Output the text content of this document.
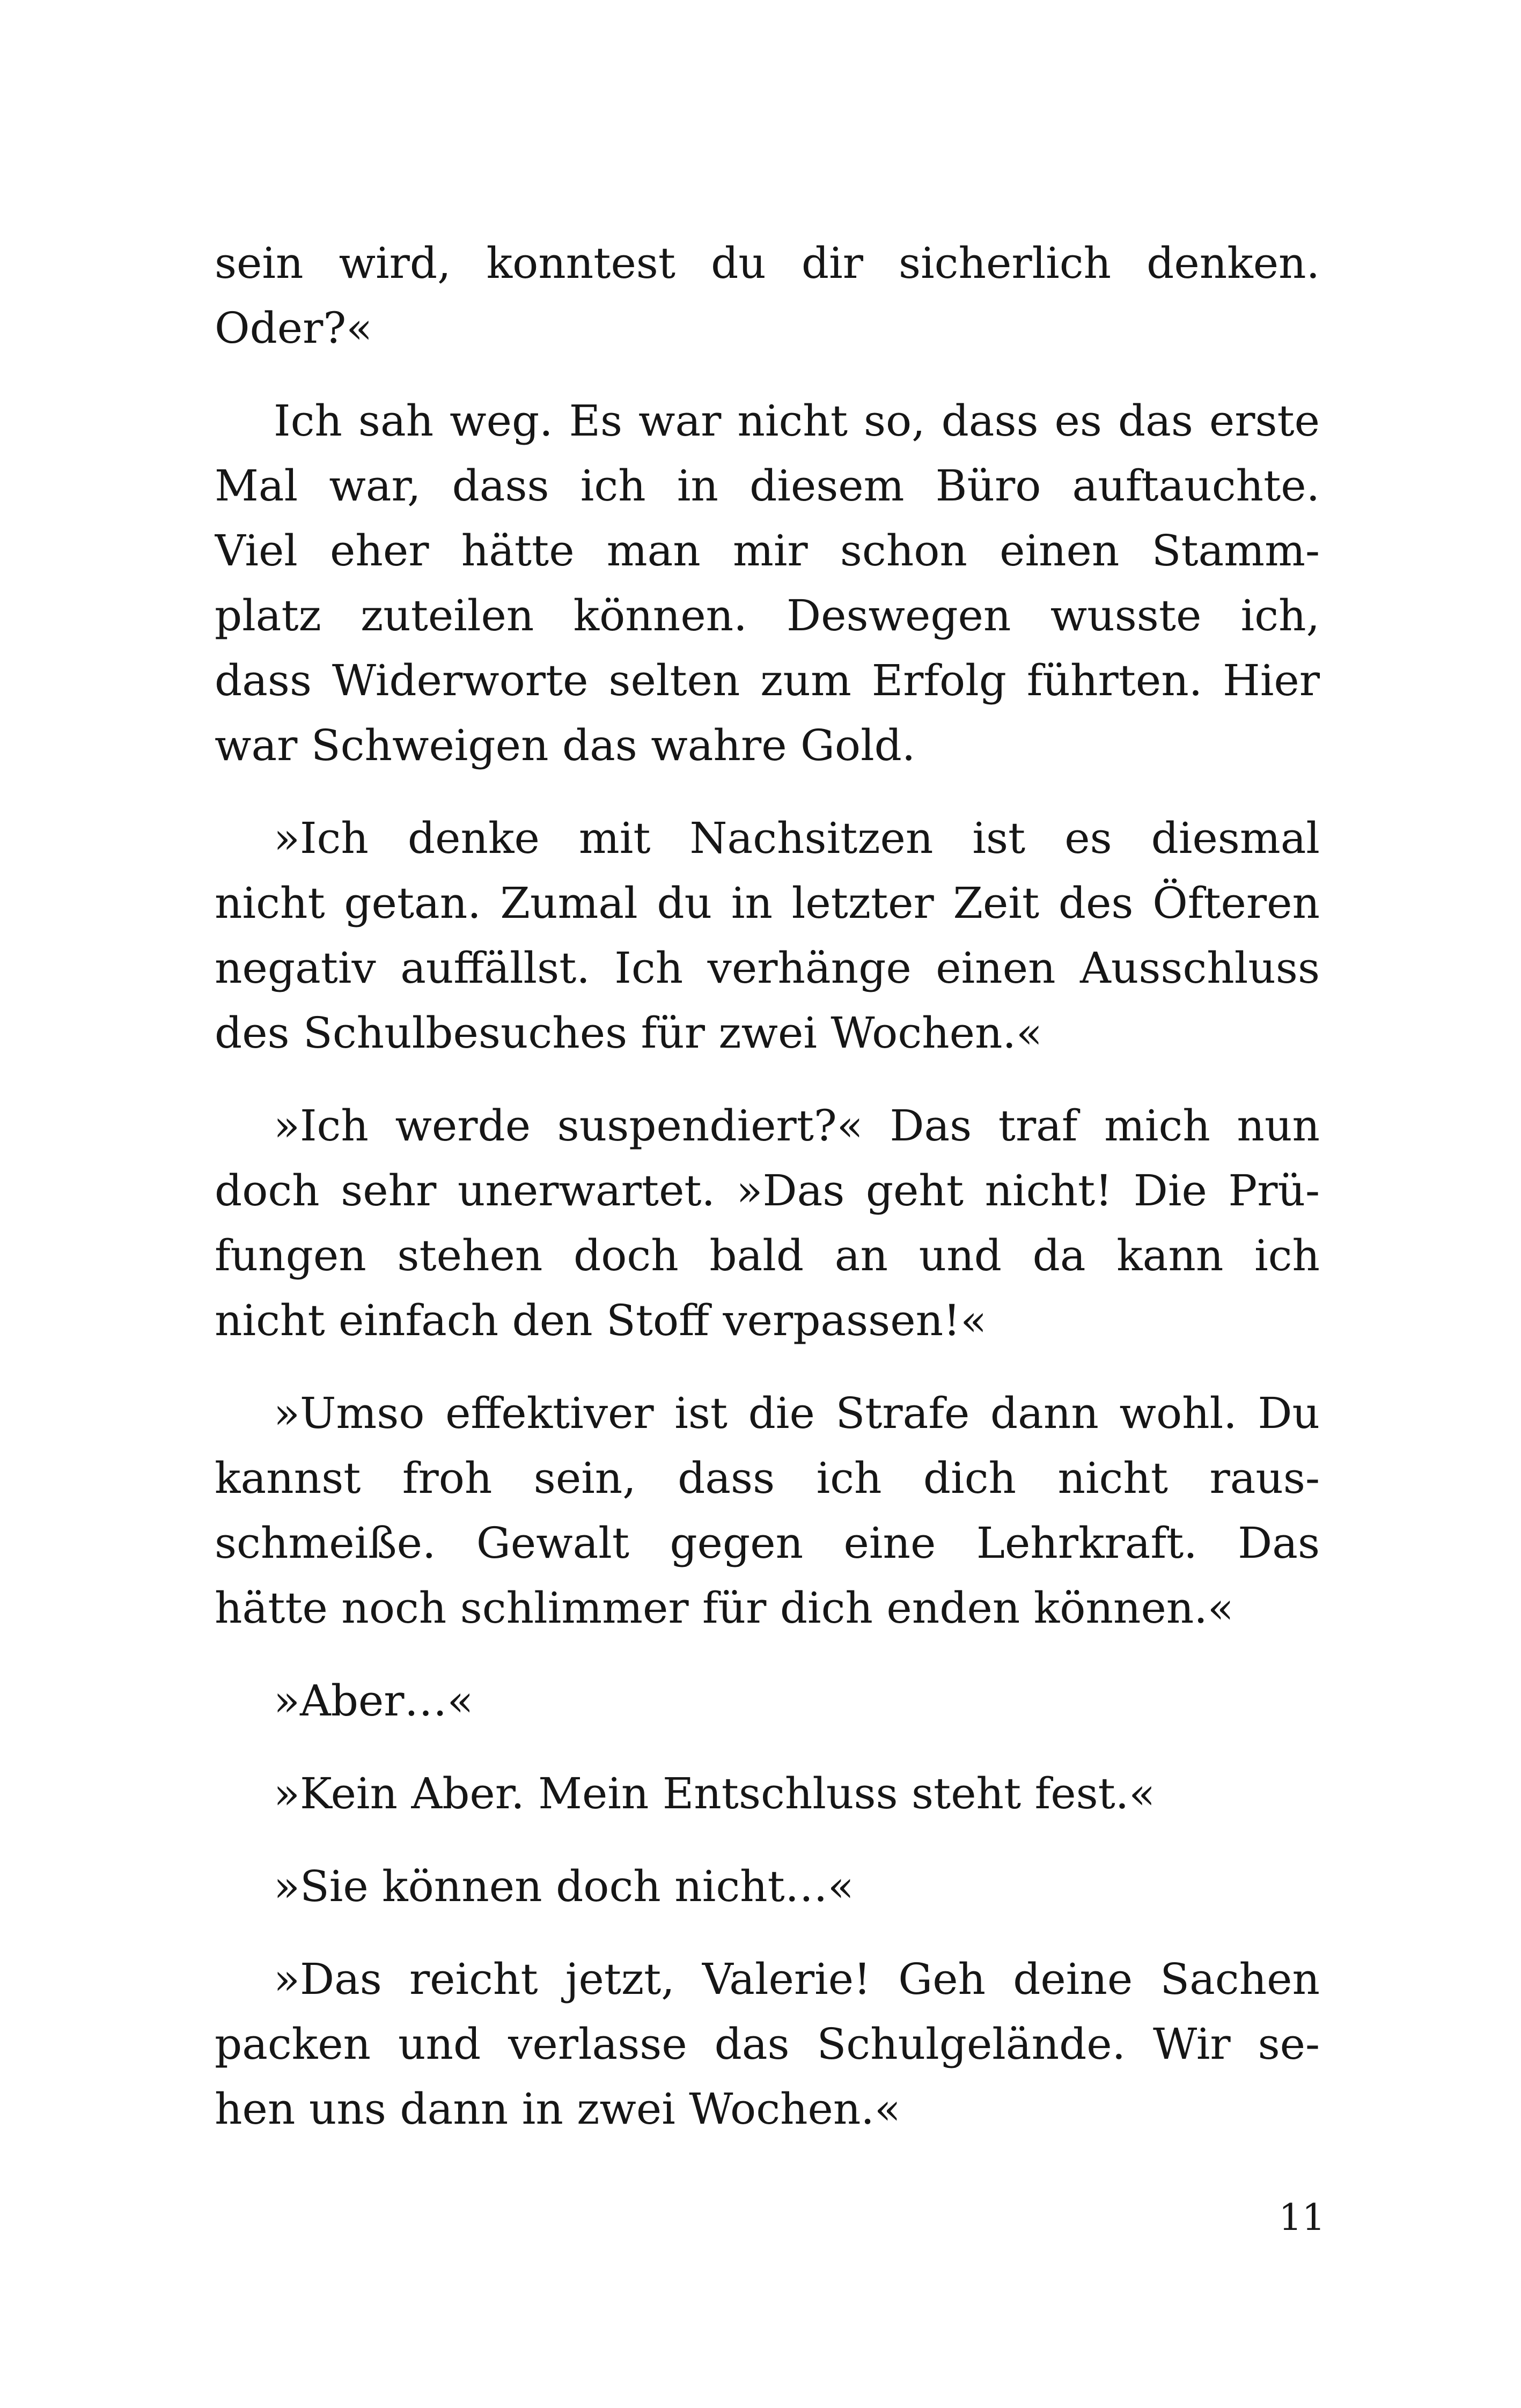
sein wird, konntest du dir sicherlich denken.
Oder?«
Ich sah weg. Es war nicht so, dass es das erste
Mal war, dass ich in diesem Büro auftauchte.
Viel eher hätte man mir schon einen Stamm-
platz zuteilen können. Deswegen wusste ich,
dass Widerworte selten zum Erfolg führten. Hier
war Schweigen das wahre Gold.
»Ich denke mit Nachsitzen ist es diesmal
nicht getan. Zumal du in letzter Zeit des Öfteren
negativ auffällst. Ich verhänge einen Ausschluss
des Schulbesuches für zwei Wochen.«
»Ich werde suspendiert?« Das traf mich nun
doch sehr unerwartet. »Das geht nicht! Die Prü-
fungen stehen doch bald an und da kann ich
nicht einfach den Stoff verpassen!«
»Umso effektiver ist die Strafe dann wohl. Du
kannst froh sein, dass ich dich nicht raus-
schmeiße. Gewalt gegen eine Lehrkraft. Das
hätte noch schlimmer für dich enden können.«
»Aber…«
»Kein Aber. Mein Entschluss steht fest.«
»Sie können doch nicht…«
»Das reicht jetzt, Valerie! Geh deine Sachen
packen und verlasse das Schulgelände. Wir se-
hen uns dann in zwei Wochen.«
11
